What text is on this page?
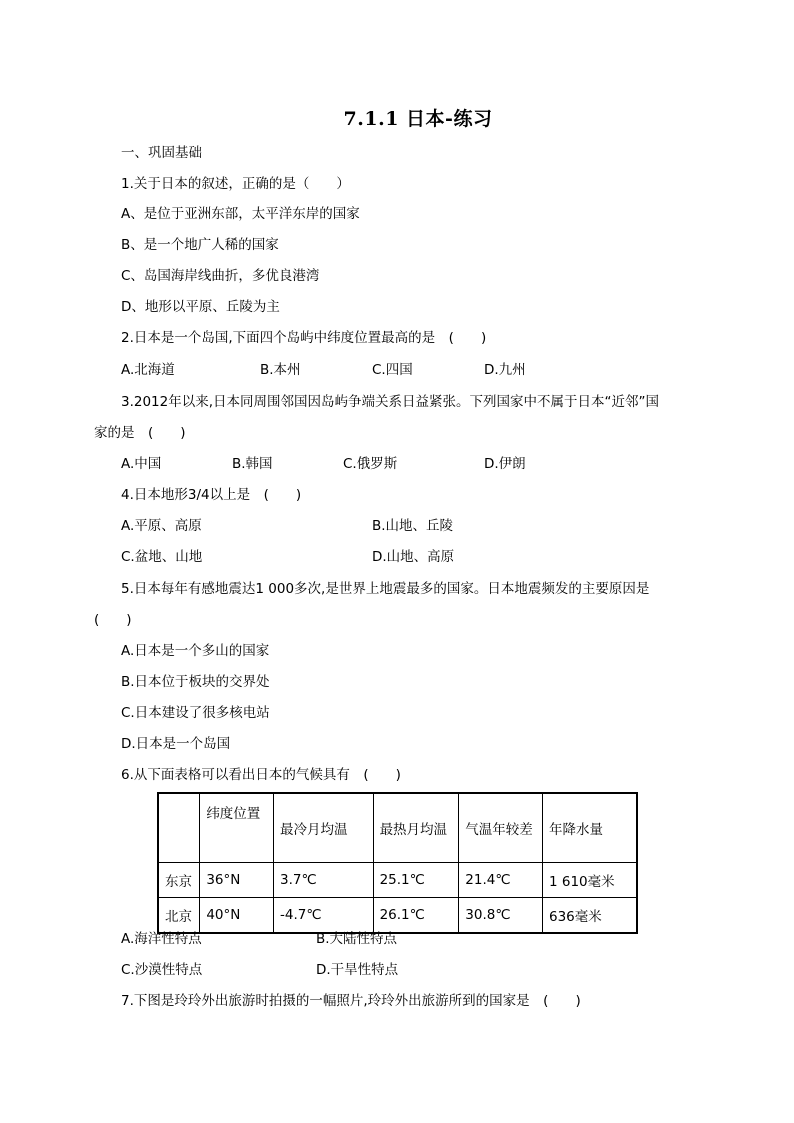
7.1.1 日本-练习
一、巩固基础
1.关于日本的叙述，正确的是（　　）
A、是位于亚洲东部，太平洋东岸的国家
B、是一个地广人稀的国家
C、岛国海岸线曲折，多优良港湾
D、地形以平原、丘陵为主
2.日本是一个岛国,下面四个岛屿中纬度位置最高的是　(　　)
A.北海道	B.本州	C.四国	D.九州
3.2012年以来,日本同周围邻国因岛屿争端关系日益紧张。下列国家中不属于日本“近邻”国
家的是　(　　)
A.中国	B.韩国	C.俄罗斯	D.伊朗
4.日本地形3/4以上是　(　　)
A.平原、高原	B.山地、丘陵
C.盆地、山地	D.山地、高原
5.日本每年有感地震达1 000多次,是世界上地震最多的国家。日本地震频发的主要原因是
(　　)
A.日本是一个多山的国家
B.日本位于板块的交界处
C.日本建设了很多核电站
D.日本是一个岛国
6.从下面表格可以看出日本的气候具有　(　　)
	纬度位置	最冷月均温	最热月均温	气温年较差	年降水量
东京	36°N	3.7℃	25.1℃	21.4℃	1 610毫米
北京	40°N	-4.7℃	26.1℃	30.8℃	636毫米
A.海洋性特点	B.大陆性特点
C.沙漠性特点	D.干旱性特点
7.下图是玲玲外出旅游时拍摄的一幅照片,玲玲外出旅游所到的国家是　(　　)
